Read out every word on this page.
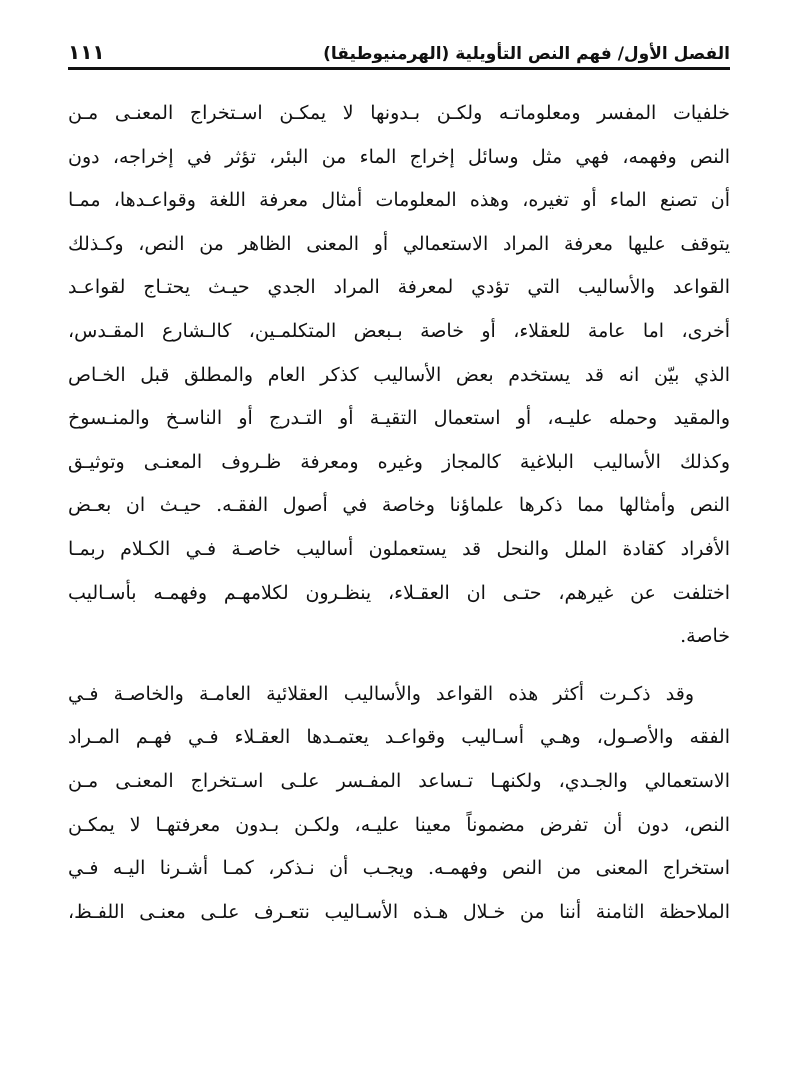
الفصل الأول/ فهم النص التأويلية (الهرمنيوطيقا)
١١١
خلفيات المفسر ومعلوماتـه ولكـن بـدونها لا يمكـن اسـتخراج المعنـى مـن
النص وفهمه، فهي مثل وسائل إخراج الماء من البئر، تؤثر في إخراجه، دون
أن تصنع الماء أو تغيره، وهذه المعلومات أمثال معرفة اللغة وقواعـدها، ممـا
يتوقف عليها معرفة المراد الاستعمالي أو المعنى الظاهر من النص، وكـذلك
القواعد والأساليب التي تؤدي لمعرفة المراد الجدي حيـث يحتـاج لقواعـد
أخرى، اما عامة للعقلاء، أو خاصة بـبعض المتكلمـين، كالـشارع المقـدس،
الذي بيّن انه قد يستخدم بعض الأساليب كذكر العام والمطلق قبل الخـاص
والمقيد وحمله عليـه، أو استعمال التقيـة أو التـدرج أو الناسـخ والمنـسوخ
وكذلك الأساليب البلاغية كالمجاز وغيره ومعرفة ظـروف المعنـى وتوثيـق
النص وأمثالها مما ذكرها علماؤنا وخاصة في أصول الفقـه. حيـث ان بعـض
الأفراد كقادة الملل والنحل قد يستعملون أساليب خاصـة فـي الكـلام ربمـا
اختلفت عن غيرهم، حتـى ان العقـلاء، ينظـرون لكلامهـم وفهمـه بأسـاليب
خاصة.
وقد ذكـرت أكثر هذه القواعد والأساليب العقلائية العامـة والخاصـة فـي
الفقه والأصـول، وهـي أسـاليب وقواعـد يعتمـدها العقـلاء فـي فهـم المـراد
الاستعمالي والجـدي، ولكنهـا تـساعد المفـسر علـى اسـتخراج المعنـى مـن
النص، دون أن تفرض مضموناً معينا عليـه، ولكـن بـدون معرفتهـا لا يمكـن
استخراج المعنى من النص وفهمـه. ويجـب أن نـذكر، كمـا أشـرنا اليـه فـي
الملاحظة الثامنة أننا من خـلال هـذه الأسـاليب نتعـرف علـى معنـى اللفـظ،
